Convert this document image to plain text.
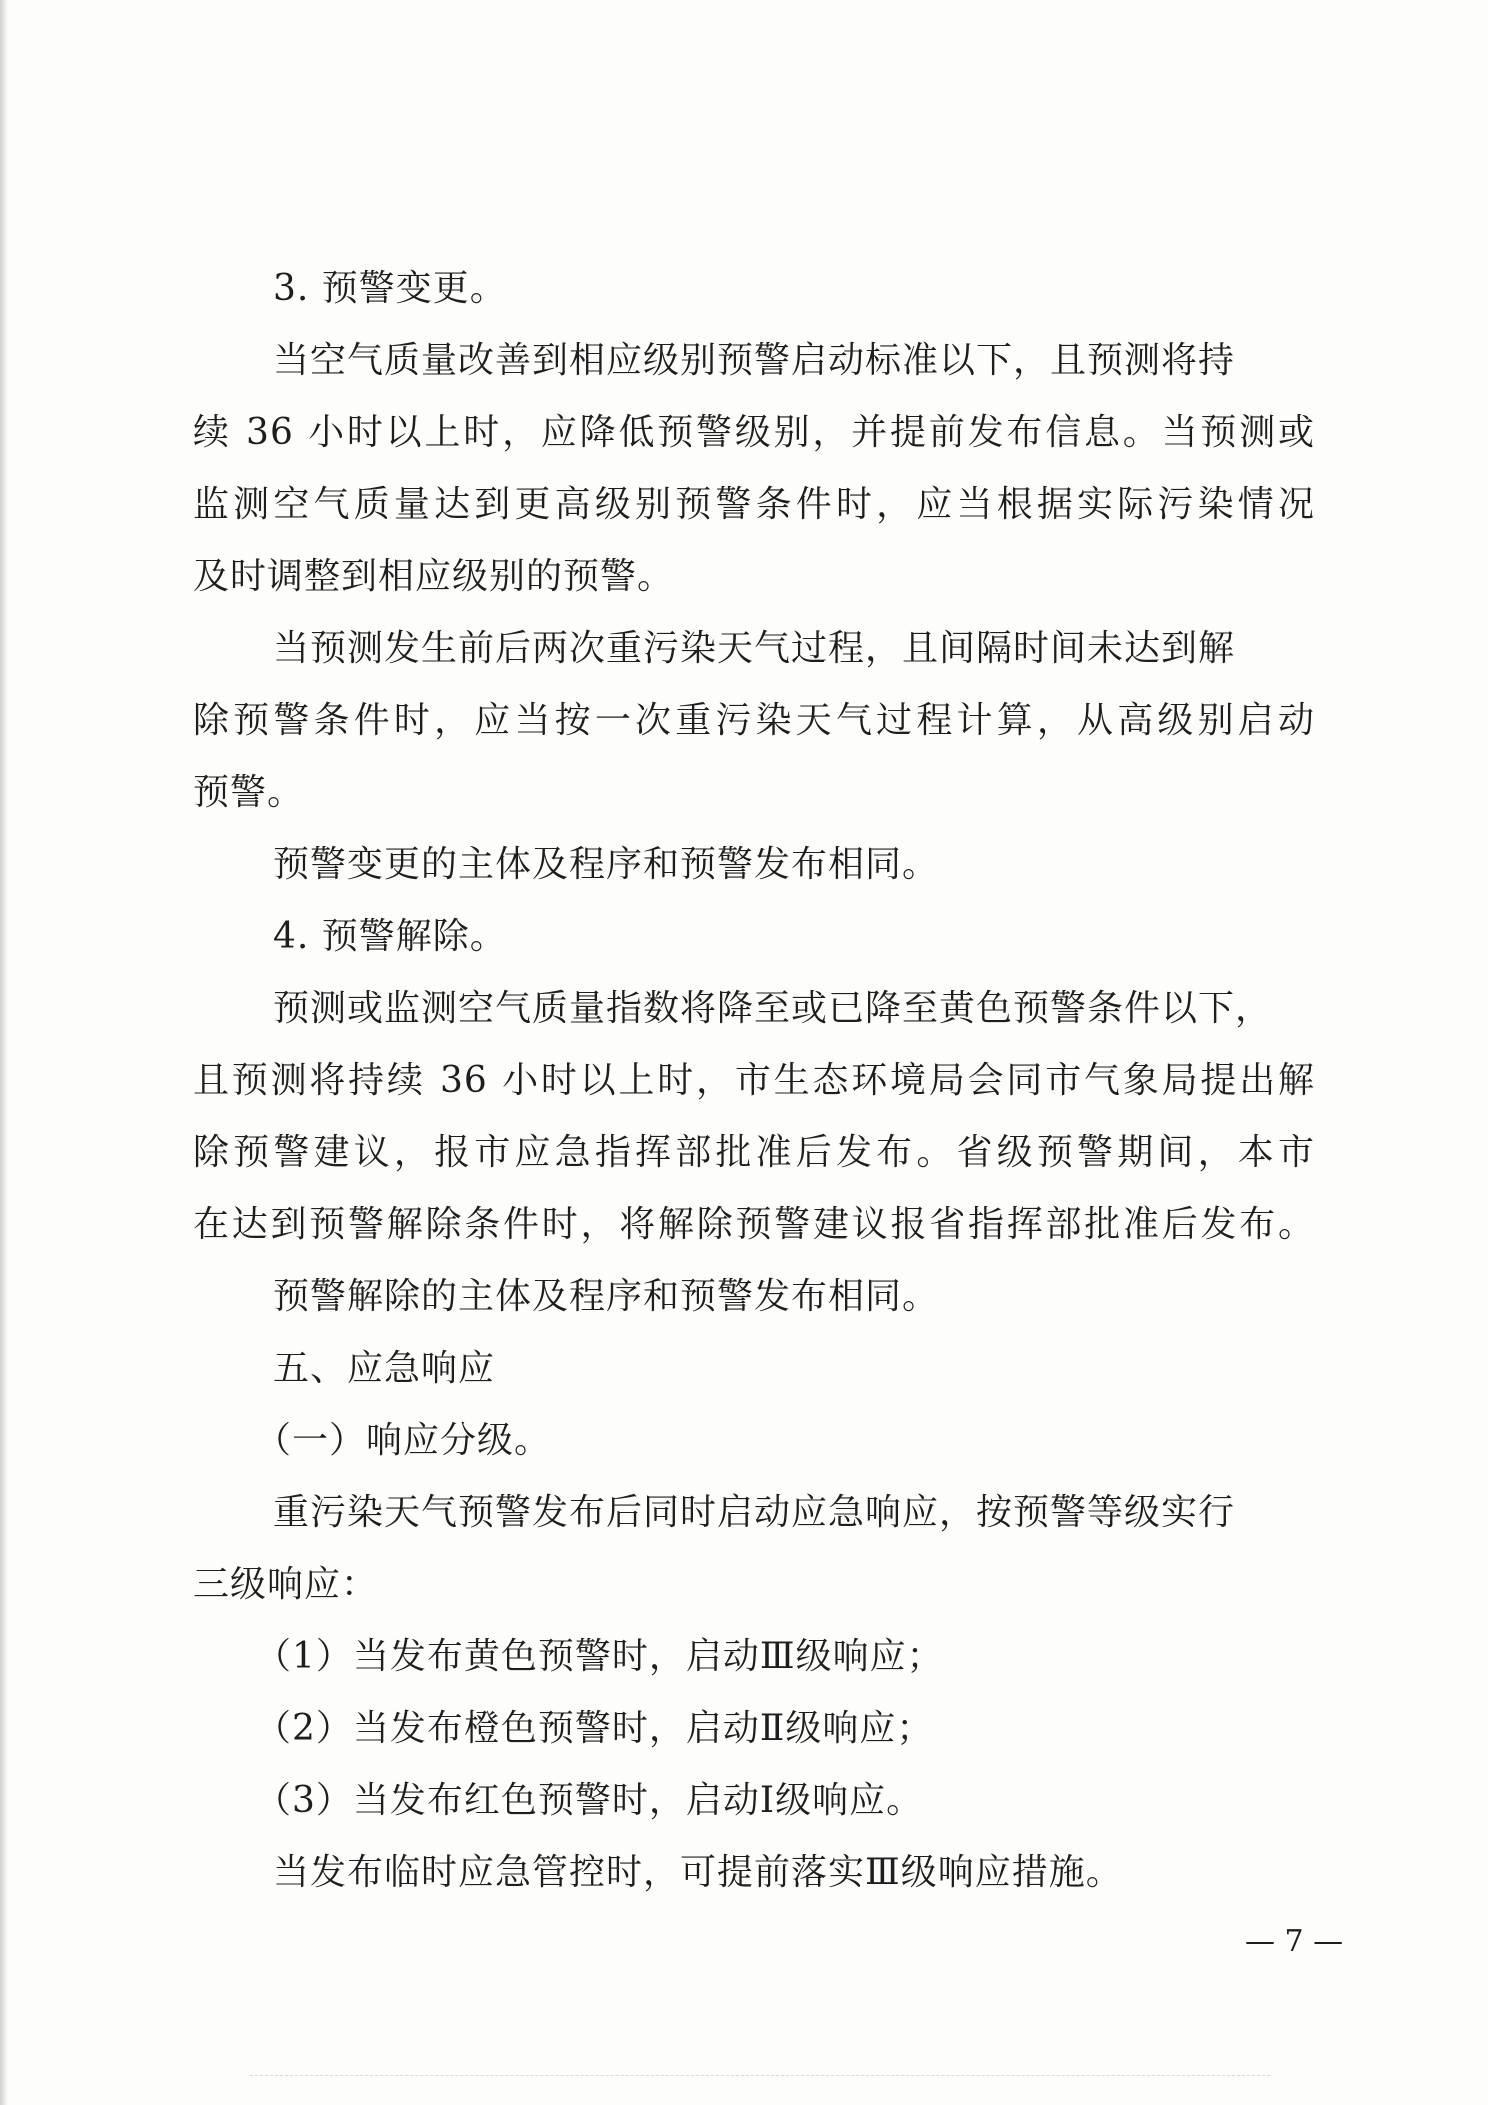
3. 预警变更。
当空气质量改善到相应级别预警启动标准以下，且预测将持
续 36 小时以上时，应降低预警级别，并提前发布信息。当预测或
监测空气质量达到更高级别预警条件时，应当根据实际污染情况
及时调整到相应级别的预警。
当预测发生前后两次重污染天气过程，且间隔时间未达到解
除预警条件时，应当按一次重污染天气过程计算，从高级别启动
预警。
预警变更的主体及程序和预警发布相同。
4. 预警解除。
预测或监测空气质量指数将降至或已降至黄色预警条件以下，
且预测将持续 36 小时以上时，市生态环境局会同市气象局提出解
除预警建议，报市应急指挥部批准后发布。省级预警期间，本市
在达到预警解除条件时，将解除预警建议报省指挥部批准后发布。
预警解除的主体及程序和预警发布相同。
五、应急响应
（一）响应分级。
重污染天气预警发布后同时启动应急响应，按预警等级实行
三级响应：
（1）当发布黄色预警时，启动Ⅲ级响应；
（2）当发布橙色预警时，启动Ⅱ级响应；
（3）当发布红色预警时，启动Ⅰ级响应。
当发布临时应急管控时，可提前落实Ⅲ级响应措施。
— 7 —
